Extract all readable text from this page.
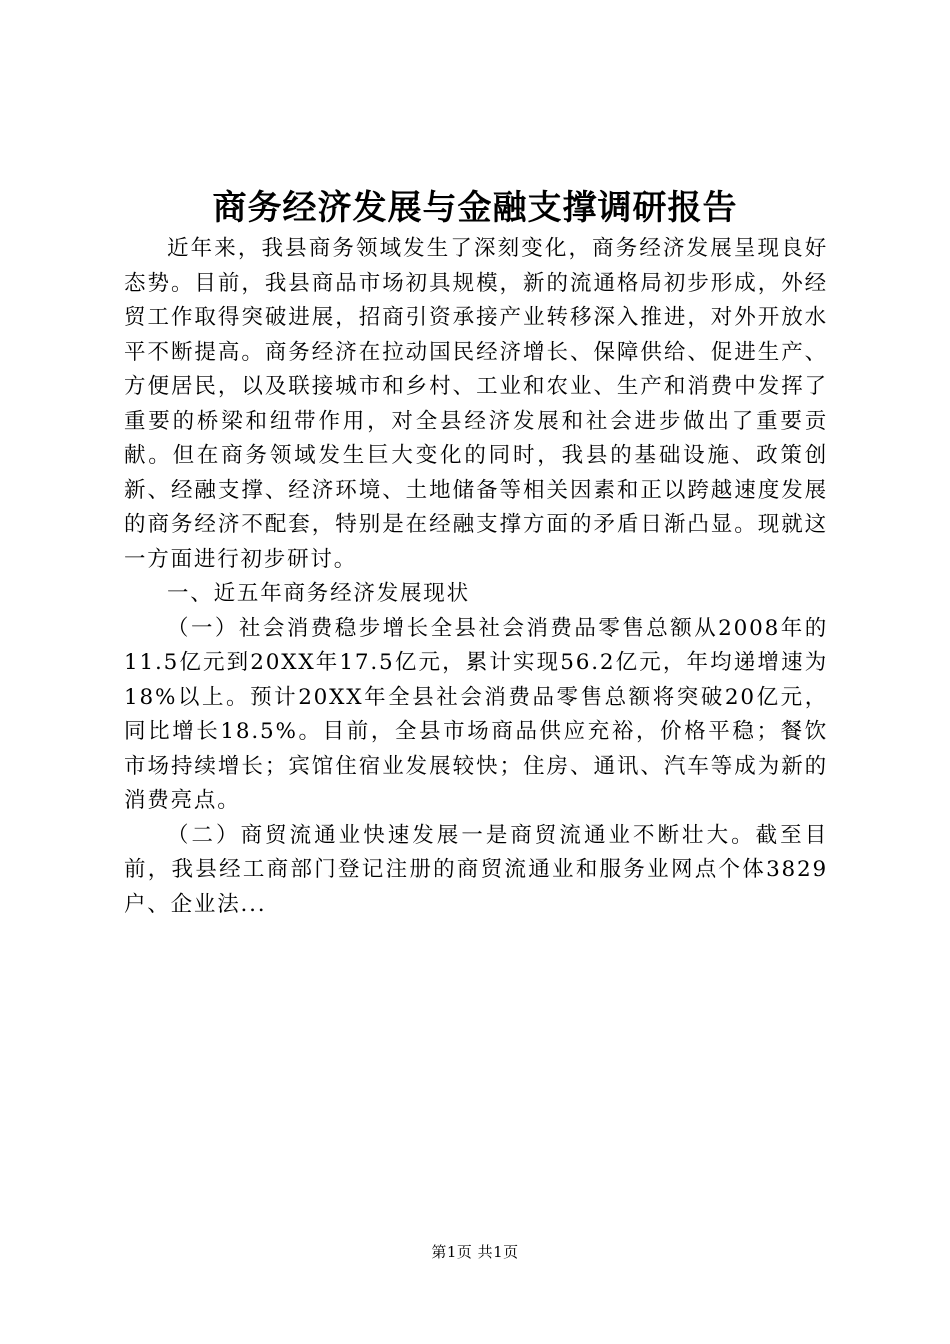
商务经济发展与金融支撑调研报告

近年来，我县商务领域发生了深刻变化，商务经济发展呈现良好态势。目前，我县商品市场初具规模，新的流通格局初步形成，外经贸工作取得突破进展，招商引资承接产业转移深入推进，对外开放水平不断提高。商务经济在拉动国民经济增长、保障供给、促进生产、方便居民，以及联接城市和乡村、工业和农业、生产和消费中发挥了重要的桥梁和纽带作用，对全县经济发展和社会进步做出了重要贡献。但在商务领域发生巨大变化的同时，我县的基础设施、政策创新、经融支撑、经济环境、土地储备等相关因素和正以跨越速度发展的商务经济不配套，特别是在经融支撑方面的矛盾日渐凸显。现就这一方面进行初步研讨。

一、近五年商务经济发展现状

（一）社会消费稳步增长全县社会消费品零售总额从2008年的11.5亿元到20XX年17.5亿元，累计实现56.2亿元，年均递增速为18%以上。预计20XX年全县社会消费品零售总额将突破20亿元，同比增长18.5%。目前，全县市场商品供应充裕，价格平稳；餐饮市场持续增长；宾馆住宿业发展较快；住房、通讯、汽车等成为新的消费亮点。

（二）商贸流通业快速发展一是商贸流通业不断壮大。截至目前，我县经工商部门登记注册的商贸流通业和服务业网点个体3829户、企业法...

第1页 共1页
